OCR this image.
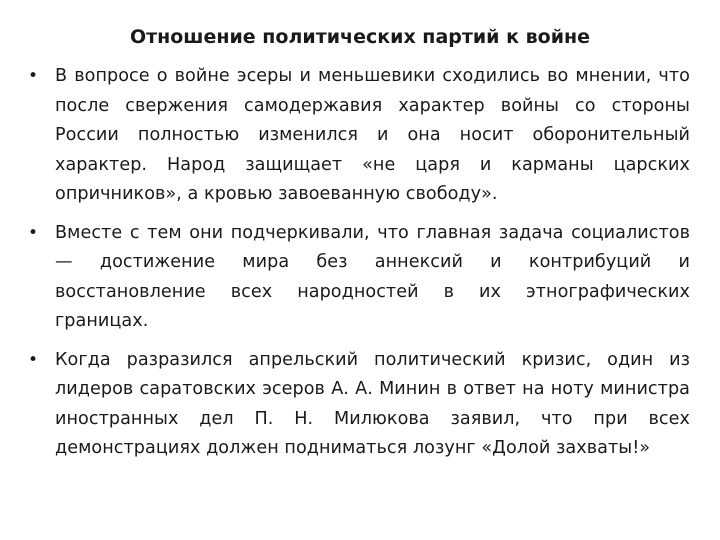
Отношение политических партий к войне
• В вопросе о войне эсеры и меньшевики сходились во мнении, что после свержения самодержавия характер войны со стороны России полностью изменился и она носит оборонительный характер. Народ защищает «не царя и карманы царских опричников», а кровью завоеванную свободу».
• Вместе с тем они подчеркивали, что главная задача социалистов — достижение мира без аннексий и контрибуций и восстановление всех народностей в их этнографических границах.
• Когда разразился апрельский политический кризис, один из лидеров саратовских эсеров А. А. Минин в ответ на ноту министра иностранных дел П. Н. Милюкова заявил, что при всех демонстрациях должен подниматься лозунг «Долой захваты!»
